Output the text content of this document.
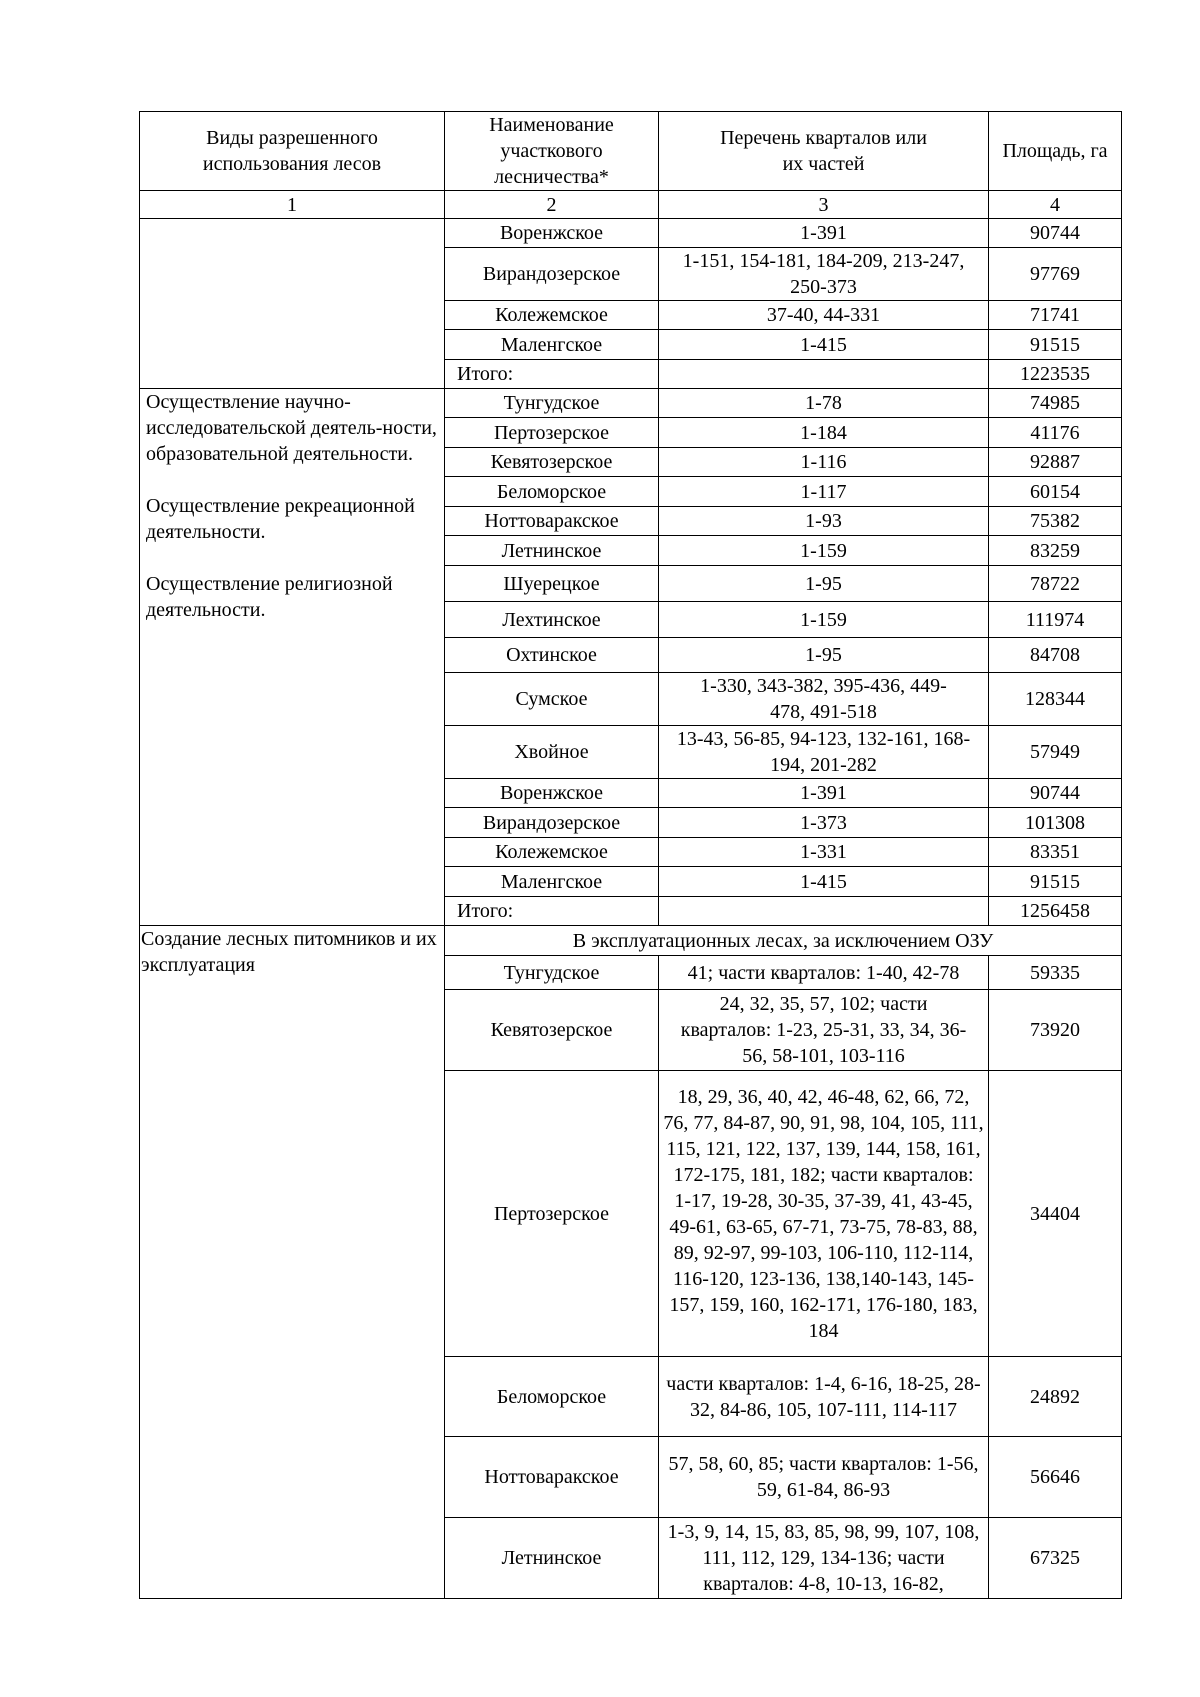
Виды разрешенного использования лесов	Наименование участкового лесничества*	Перечень кварталов или их частей	Площадь, га
1	2	3	4
	Воренжское	1-391	90744
	Вирандозерское	1-151, 154-181, 184-209, 213-247, 250-373	97769
	Колежемское	37-40, 44-331	71741
	Маленгское	1-415	91515
	Итого:		1223535
Осуществление научно-исследовательской деятель-ности, образовательной деятельности.
Осуществление рекреационной деятельности.
Осуществление религиозной деятельности.	Тунгудское	1-78	74985
	Пертозерское	1-184	41176
	Кевятозерское	1-116	92887
	Беломорское	1-117	60154
	Ноттоваракское	1-93	75382
	Летнинское	1-159	83259
	Шуерецкое	1-95	78722
	Лехтинское	1-159	111974
	Охтинское	1-95	84708
	Сумское	1-330, 343-382, 395-436, 449-478, 491-518	128344
	Хвойное	13-43, 56-85, 94-123, 132-161, 168-194, 201-282	57949
	Воренжское	1-391	90744
	Вирандозерское	1-373	101308
	Колежемское	1-331	83351
	Маленгское	1-415	91515
	Итого:		1256458
Создание лесных питомников и их эксплуатация	В эксплуатационных лесах, за исключением ОЗУ		
	Тунгудское	41; части кварталов: 1-40, 42-78	59335
	Кевятозерское	24, 32, 35, 57, 102; части кварталов: 1-23, 25-31, 33, 34, 36-56, 58-101, 103-116	73920
	Пертозерское	18, 29, 36, 40, 42, 46-48, 62, 66, 72, 76, 77, 84-87, 90, 91, 98, 104, 105, 111, 115, 121, 122, 137, 139, 144, 158, 161, 172-175, 181, 182; части кварталов: 1-17, 19-28, 30-35, 37-39, 41, 43-45, 49-61, 63-65, 67-71, 73-75, 78-83, 88, 89, 92-97, 99-103, 106-110, 112-114, 116-120, 123-136, 138,140-143, 145-157, 159, 160, 162-171, 176-180, 183, 184	34404
	Беломорское	части кварталов: 1-4, 6-16, 18-25, 28-32, 84-86, 105, 107-111, 114-117	24892
	Ноттоваракское	57, 58, 60, 85; части кварталов: 1-56, 59, 61-84, 86-93	56646
	Летнинское	1-3, 9, 14, 15, 83, 85, 98, 99, 107, 108, 111, 112, 129, 134-136; части кварталов: 4-8, 10-13, 16-82,	67325
